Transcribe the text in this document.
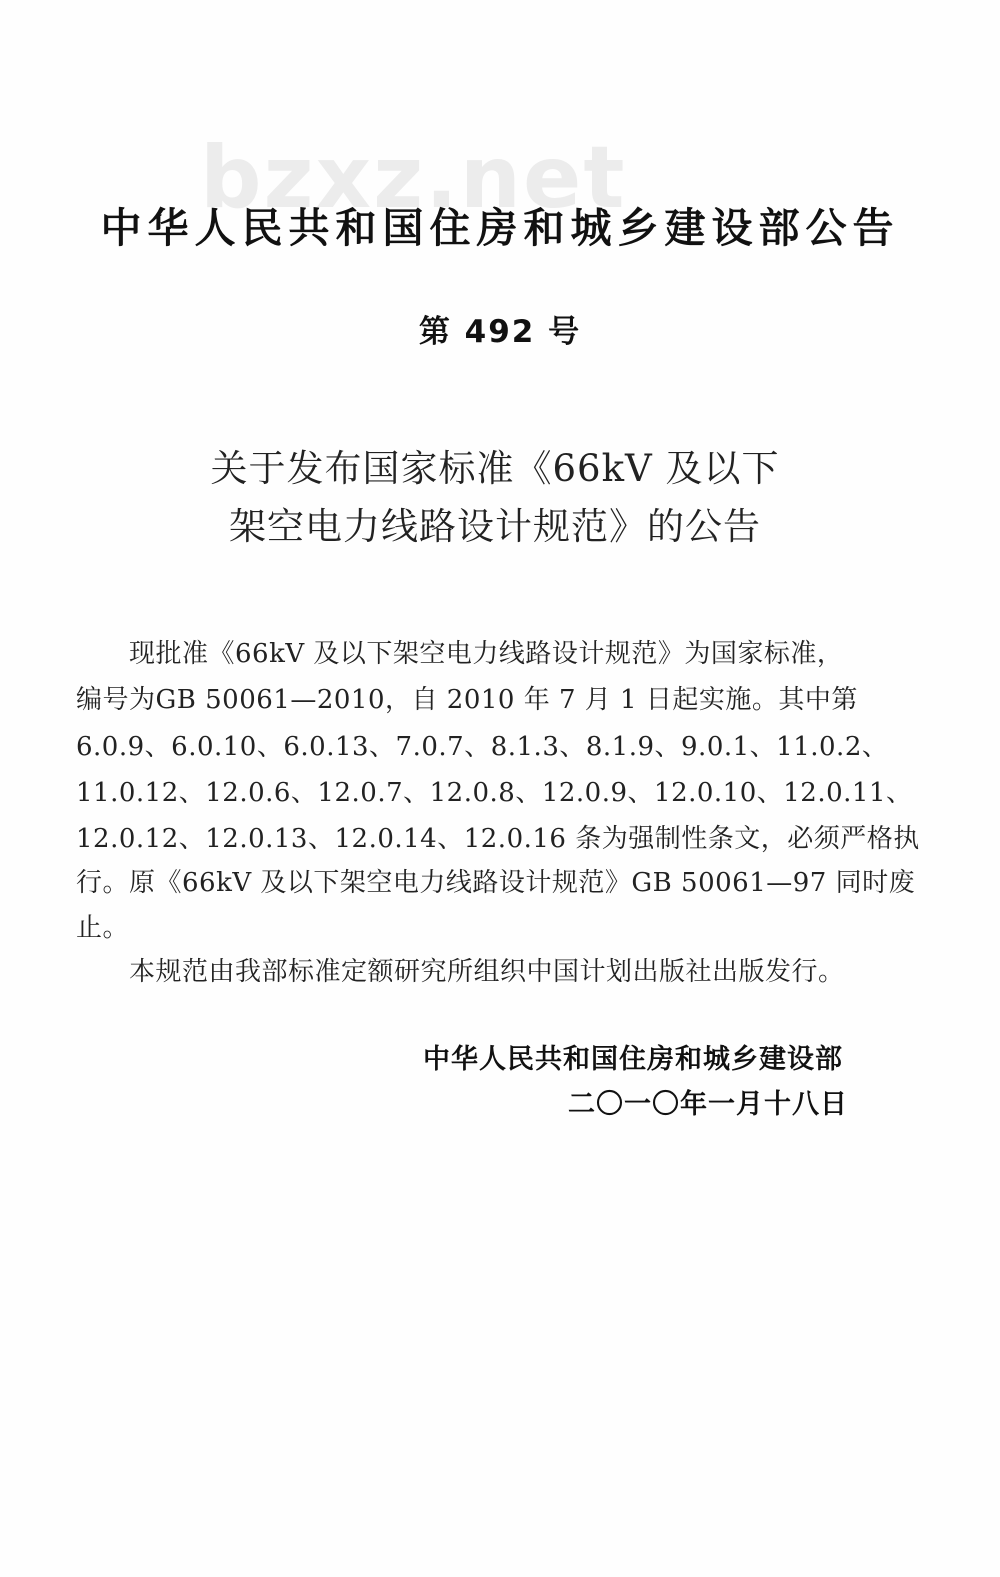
bzxz.net
中华人民共和国住房和城乡建设部公告
第 492 号
关于发布国家标准《66kV 及以下
架空电力线路设计规范》的公告
　　现批准《66kV 及以下架空电力线路设计规范》为国家标准，
编号为GB 50061—2010，自 2010 年 7 月 1 日起实施。其中第
6.0.9、6.0.10、6.0.13、7.0.7、8.1.3、8.1.9、9.0.1、11.0.2、
11.0.12、12.0.6、12.0.7、12.0.8、12.0.9、12.0.10、12.0.11、
12.0.12、12.0.13、12.0.14、12.0.16 条为强制性条文，必须严格执
行。原《66kV 及以下架空电力线路设计规范》GB 50061—97 同时废
止。
　　本规范由我部标准定额研究所组织中国计划出版社出版发行。
中华人民共和国住房和城乡建设部
二〇一〇年一月十八日
